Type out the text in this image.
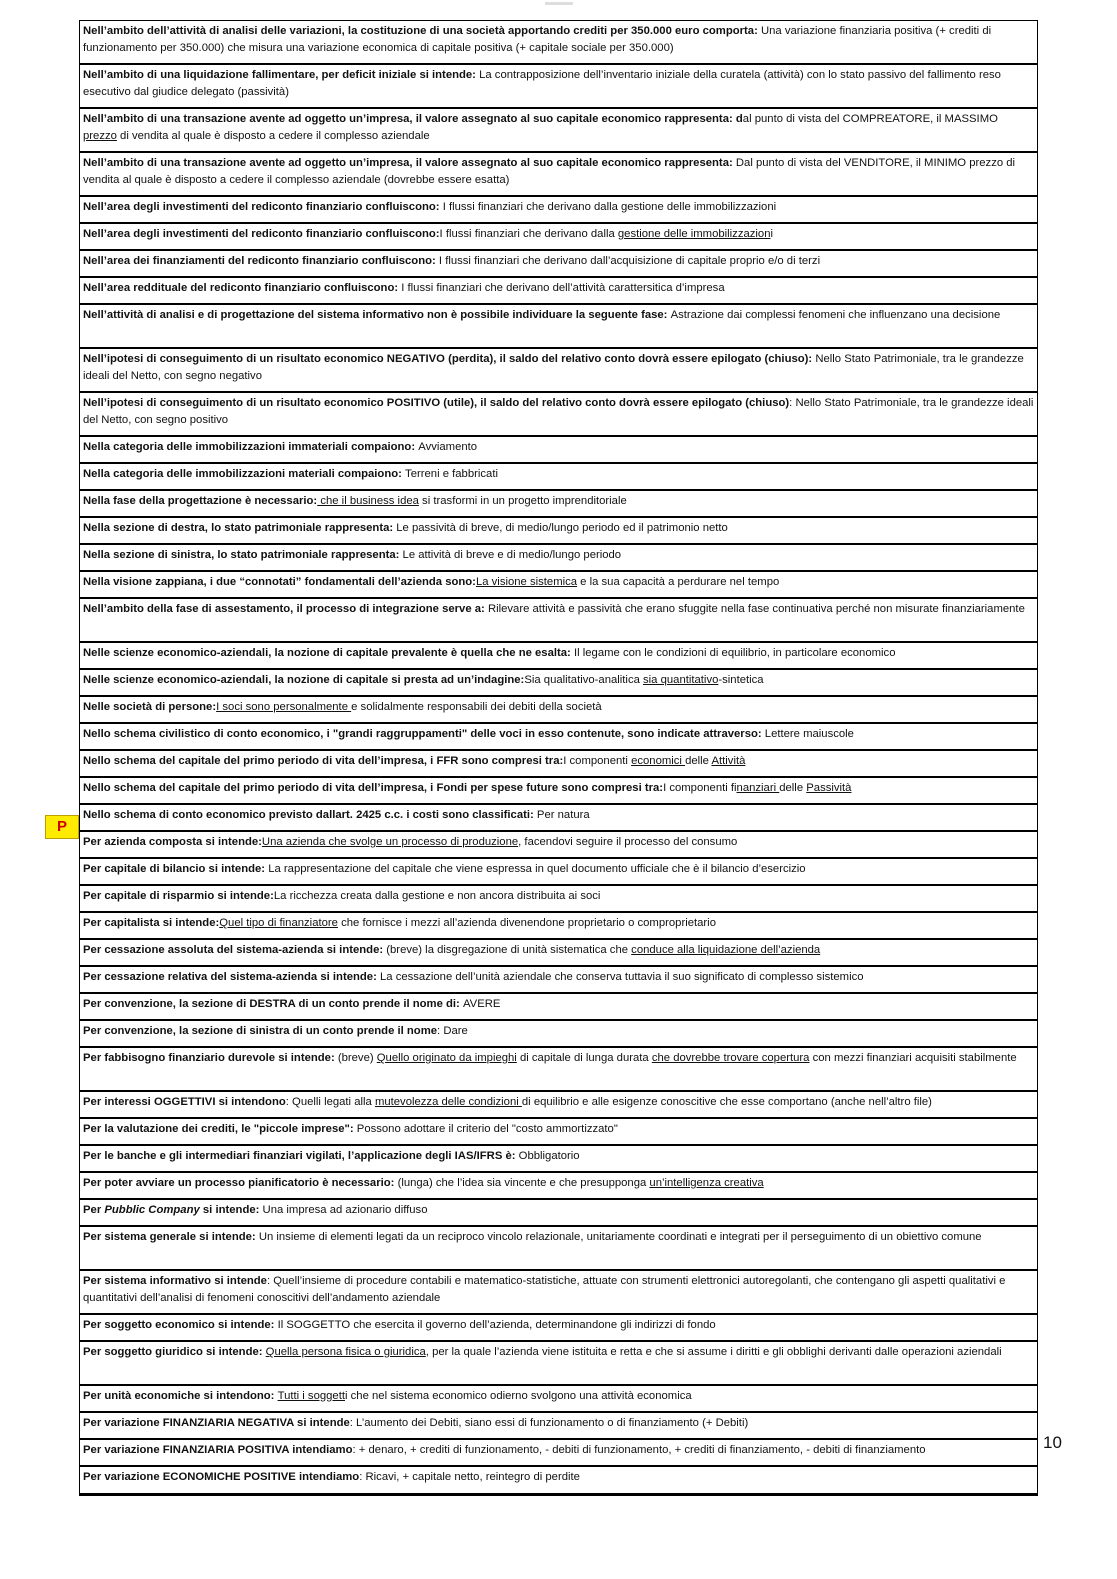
Nell’ambito dell’attività di analisi delle variazioni, la costituzione di una società apportando crediti per 350.000 euro comporta: Una variazione finanziaria positiva (+ crediti di funzionamento per 350.000) che misura una variazione economica di capitale positiva (+ capitale sociale per 350.000)
Nell’ambito di una liquidazione fallimentare, per deficit iniziale si intende: La contrapposizione dell’inventario iniziale della curatela (attività) con lo stato passivo del fallimento reso esecutivo dal giudice delegato (passività)
Nell’ambito di una transazione avente ad oggetto un’impresa, il valore assegnato al suo capitale economico rappresenta: dal punto di vista del COMPREATORE, il MASSIMO prezzo di vendita al quale è disposto a cedere il complesso aziendale
Nell’ambito di una transazione avente ad oggetto un’impresa, il valore assegnato al suo capitale economico rappresenta: Dal punto di vista del VENDITORE, il MINIMO prezzo di vendita al quale è disposto a cedere il complesso aziendale (dovrebbe essere esatta)
Nell’area degli investimenti del rediconto finanziario confluiscono: I flussi finanziari che derivano dalla gestione delle immobilizzazioni
Nell’area degli investimenti del rediconto finanziario confluiscono:I flussi finanziari che derivano dalla gestione delle immobilizzazioni
Nell’area dei finanziamenti del rediconto finanziario confluiscono: I flussi finanziari che derivano dall’acquisizione di capitale proprio e/o di terzi
Nell’area reddituale del rediconto finanziario confluiscono: I flussi finanziari che derivano dell’attività carattersitica d’impresa
Nell’attività di analisi e di progettazione del sistema informativo non è possibile individuare la seguente fase: Astrazione dai complessi fenomeni che influenzano una decisione
Nell’ipotesi di conseguimento di un risultato economico NEGATIVO (perdita), il saldo del relativo conto dovrà essere epilogato (chiuso): Nello Stato Patrimoniale, tra le grandezze ideali del Netto, con segno negativo
Nell’ipotesi di conseguimento di un risultato economico POSITIVO (utile), il saldo del relativo conto dovrà essere epilogato (chiuso): Nello Stato Patrimoniale, tra le grandezze ideali del Netto, con segno positivo
Nella categoria delle immobilizzazioni immateriali compaiono: Avviamento
Nella categoria delle immobilizzazioni materiali compaiono: Terreni e fabbricati
Nella fase della progettazione è necessario: che il business idea si trasformi in un progetto imprenditoriale
Nella sezione di destra, lo stato patrimoniale rappresenta: Le passività di breve, di medio/lungo periodo ed il patrimonio netto
Nella sezione di sinistra, lo stato patrimoniale rappresenta: Le attività di breve e di medio/lungo periodo
Nella visione zappiana, i due “connotati” fondamentali dell’azienda sono:La visione sistemica e la sua capacità a perdurare nel tempo
Nell’ambito della fase di assestamento, il processo di integrazione serve a: Rilevare attività e passività che erano sfuggite nella fase continuativa perché non misurate finanziariamente
Nelle scienze economico-aziendali, la nozione di capitale prevalente è quella che ne esalta: Il legame con le condizioni di equilibrio, in particolare economico
Nelle scienze economico-aziendali, la nozione di capitale si presta ad un’indagine:Sia qualitativo-analitica sia quantitativo-sintetica
Nelle società di persone:I soci sono personalmente e solidalmente responsabili dei debiti della società
Nello schema civilistico di conto economico, i "grandi raggruppamenti" delle voci in esso contenute, sono indicate attraverso: Lettere maiuscole
Nello schema del capitale del primo periodo di vita dell’impresa, i FFR sono compresi tra:I componenti economici delle Attività
Nello schema del capitale del primo periodo di vita dell’impresa, i Fondi per spese future sono compresi tra:I componenti finanziari delle Passività
Nello schema di conto economico previsto dallart. 2425 c.c. i costi sono classificati: Per natura
Per azienda composta si intende:Una azienda che svolge un processo di produzione, facendovi seguire il processo del consumo
Per capitale di bilancio si intende: La rappresentazione del capitale che viene espressa in quel documento ufficiale che è il bilancio d’esercizio
Per capitale di risparmio si intende:La ricchezza creata dalla gestione e non ancora distribuita ai soci
Per capitalista si intende:Quel tipo di finanziatore che fornisce i mezzi all’azienda divenendone proprietario o comproprietario
Per cessazione assoluta del sistema-azienda si intende: (breve) la disgregazione di unità sistematica che conduce alla liquidazione dell’azienda
Per cessazione relativa del sistema-azienda si intende: La cessazione dell’unità aziendale che conserva tuttavia il suo significato di complesso sistemico
Per convenzione, la sezione di DESTRA di un conto prende il nome di: AVERE
Per convenzione, la sezione di sinistra di un conto prende il nome: Dare
Per fabbisogno finanziario durevole si intende: (breve) Quello originato da impieghi di capitale di lunga durata che dovrebbe trovare copertura con mezzi finanziari acquisiti stabilmente
Per interessi OGGETTIVI si intendono: Quelli legati alla mutevolezza delle condizioni di equilibrio e alle esigenze conoscitive che esse comportano (anche nell’altro file)
Per la valutazione dei crediti, le "piccole imprese": Possono adottare il criterio del "costo ammortizzato"
Per le banche e gli intermediari finanziari vigilati, l’applicazione degli IAS/IFRS è: Obbligatorio
Per poter avviare un processo pianificatorio è necessario: (lunga) che l’idea sia vincente e che presupponga un’intelligenza creativa
Per Pubblic Company si intende: Una impresa ad azionario diffuso
Per sistema generale si intende: Un insieme di elementi legati da un reciproco vincolo relazionale, unitariamente coordinati e integrati per il perseguimento di un obiettivo comune
Per sistema informativo si intende: Quell’insieme di procedure contabili e matematico-statistiche, attuate con strumenti elettronici autoregolanti, che contengano gli aspetti qualitativi e quantitativi dell’analisi di fenomeni conoscitivi dell’andamento aziendale
Per soggetto economico si intende: Il SOGGETTO che esercita il governo dell’azienda, determinandone gli indirizzi di fondo
Per soggetto giuridico si intende: Quella persona fisica o giuridica, per la quale l’azienda viene istituita e retta e che si assume i diritti e gli obblighi derivanti dalle operazioni aziendali
Per unità economiche si intendono: Tutti i soggetti che nel sistema economico odierno svolgono una attività economica
Per variazione FINANZIARIA NEGATIVA si intende: L’aumento dei Debiti, siano essi di funzionamento o di finanziamento (+ Debiti)
Per variazione FINANZIARIA POSITIVA intendiamo: + denaro, + crediti di funzionamento, - debiti di funzionamento, + crediti di finanziamento, - debiti di finanziamento
Per variazione ECONOMICHE POSITIVE intendiamo: Ricavi, + capitale netto, reintegro di perdite
P
10
